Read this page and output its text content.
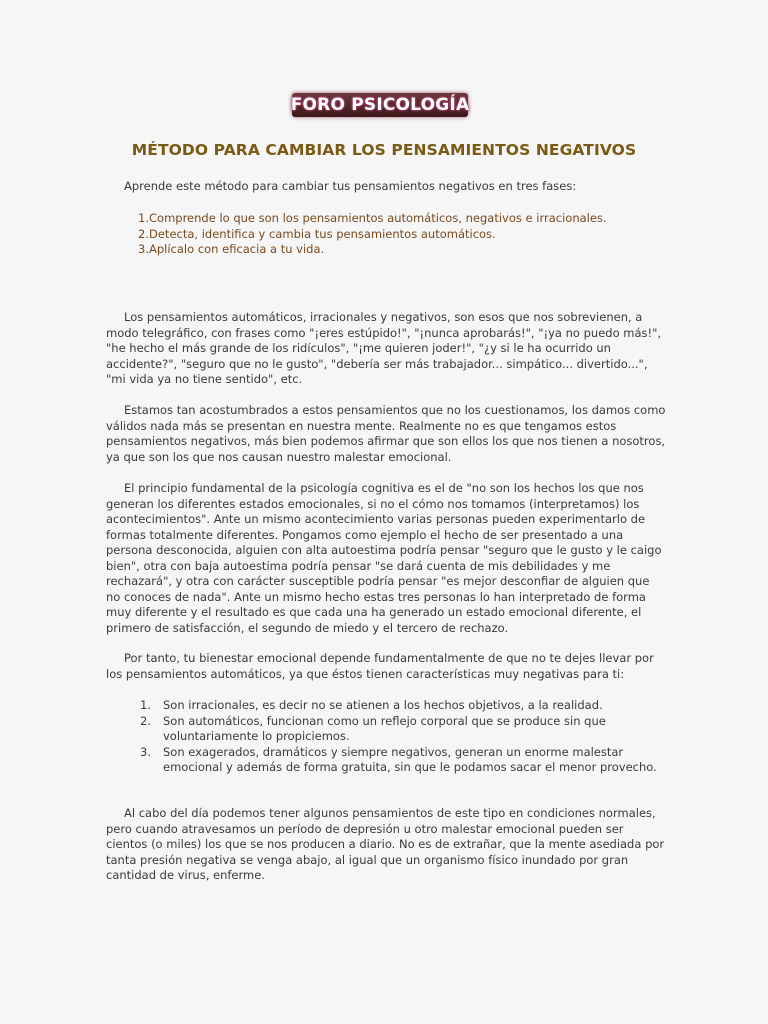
FORO PSICOLOGÍA
MÉTODO PARA CAMBIAR LOS PENSAMIENTOS NEGATIVOS

Aprende este método para cambiar tus pensamientos negativos en tres fases:

1.Comprende lo que son los pensamientos automáticos, negativos e irracionales.
2.Detecta, identifica y cambia tus pensamientos automáticos.
3.Aplícalo con eficacia a tu vida.

Los pensamientos automáticos, irracionales y negativos, son esos que nos sobrevienen, a modo telegráfico, con frases como "¡eres estúpido!", "¡nunca aprobarás!", "¡ya no puedo más!", "he hecho el más grande de los ridículos", "¡me quieren joder!", "¿y si le ha ocurrido un accidente?", "seguro que no le gusto", "debería ser más trabajador... simpático... divertido...", "mi vida ya no tiene sentido", etc.

Estamos tan acostumbrados a estos pensamientos que no los cuestionamos, los damos como válidos nada más se presentan en nuestra mente. Realmente no es que tengamos estos pensamientos negativos, más bien podemos afirmar que son ellos los que nos tienen a nosotros, ya que son los que nos causan nuestro malestar emocional.

El principio fundamental de la psicología cognitiva es el de "no son los hechos los que nos generan los diferentes estados emocionales, si no el cómo nos tomamos (interpretamos) los acontecimientos". Ante un mismo acontecimiento varias personas pueden experimentarlo de formas totalmente diferentes. Pongamos como ejemplo el hecho de ser presentado a una persona desconocida, alguien con alta autoestima podría pensar "seguro que le gusto y le caigo bien", otra con baja autoestima podría pensar "se dará cuenta de mis debilidades y me rechazará", y otra con carácter susceptible podría pensar "es mejor desconfiar de alguien que no conoces de nada". Ante un mismo hecho estas tres personas lo han interpretado de forma muy diferente y el resultado es que cada una ha generado un estado emocional diferente, el primero de satisfacción, el segundo de miedo y el tercero de rechazo.

Por tanto, tu bienestar emocional depende fundamentalmente de que no te dejes llevar por los pensamientos automáticos, ya que éstos tienen características muy negativas para ti:

1. Son irracionales, es decir no se atienen a los hechos objetivos, a la realidad.
2. Son automáticos, funcionan como un reflejo corporal que se produce sin que voluntariamente lo propiciemos.
3. Son exagerados, dramáticos y siempre negativos, generan un enorme malestar emocional y además de forma gratuita, sin que le podamos sacar el menor provecho.

Al cabo del día podemos tener algunos pensamientos de este tipo en condiciones normales, pero cuando atravesamos un período de depresión u otro malestar emocional pueden ser cientos (o miles) los que se nos producen a diario. No es de extrañar, que la mente asediada por tanta presión negativa se venga abajo, al igual que un organismo físico inundado por gran cantidad de virus, enferme.
